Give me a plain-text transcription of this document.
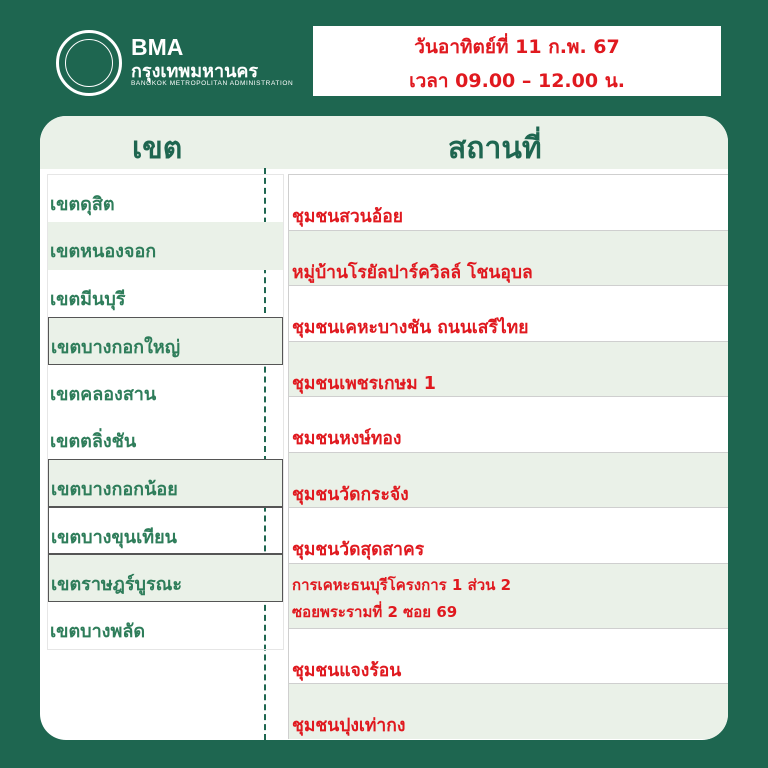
BMA
กรุงเทพมหานคร
BANGKOK METROPOLITAN ADMINISTRATION
วันอาทิตย์ที่ 11 ก.พ. 67
เวลา 09.00 – 12.00 น.
เขต	สถานที่
เขตดุสิต
เขตหนองจอก
เขตมีนบุรี
เขตบางกอกใหญ่
เขตคลองสาน
เขตตลิ่งชัน
เขตบางกอกน้อย
เขตบางขุนเทียน
เขตราษฎร์บูรณะ
เขตบางพลัด
ชุมชนสวนอ้อย
หมู่บ้านโรยัลปาร์ควิลล์ โชนอุบล
ชุมชนเคหะบางชัน ถนนเสรีไทย
ชุมชนเพชรเกษม 1
ชมชนหงษ์ทอง
ชุมชนวัดกระจัง
ชุมชนวัดสุดสาคร
การเคหะธนบุรีโครงการ 1 ส่วน 2
ซอยพระรามที่ 2 ซอย 69
ชุมชนแจงร้อน
ชุมชนปุงเท่ากง
